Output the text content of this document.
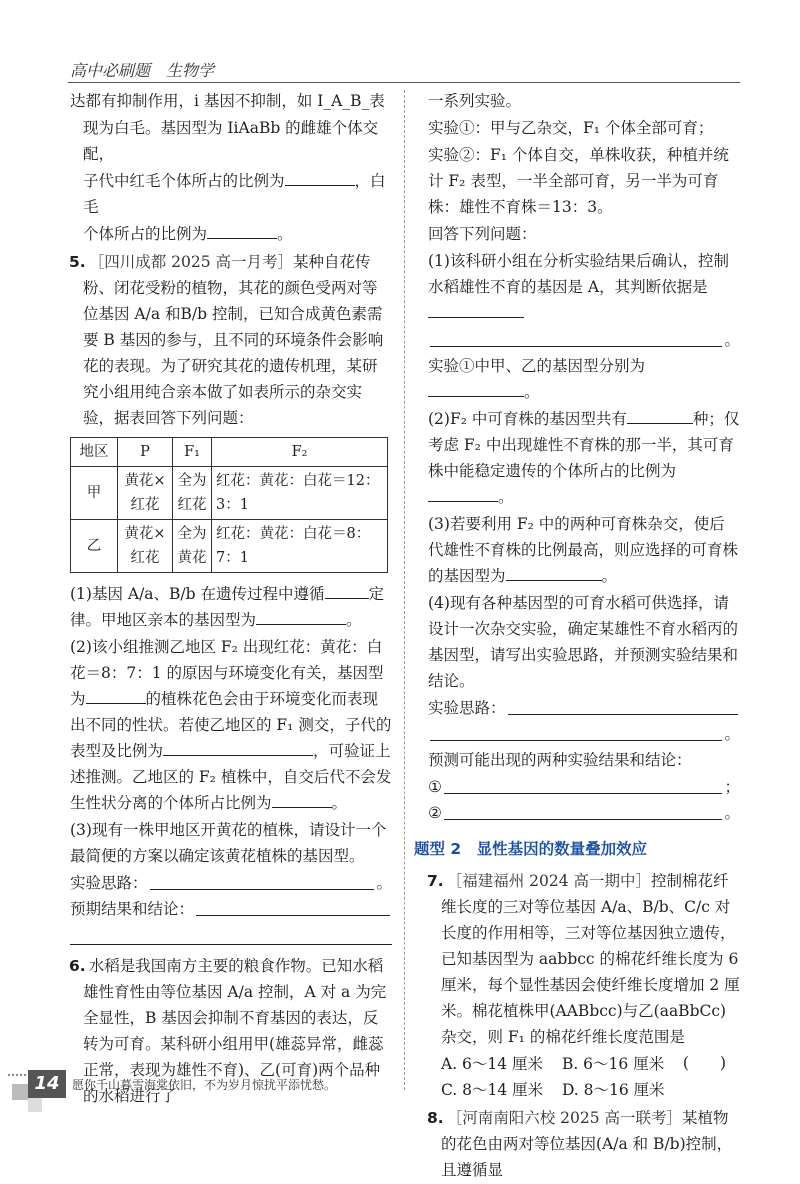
高中必刷题　生物学
达都有抑制作用，i 基因不抑制，如 I_A_B_表
现为白毛。基因型为 IiAaBb 的雌雄个体交配，
子代中红毛个体所占的比例为	，白毛
个体所占的比例为	。
5. ［四川成都 2025 高一月考］某种自花传粉、闭花受粉的植物，其花的颜色受两对等位基因 A/a 和B/b 控制，已知合成黄色素需要 B 基因的参与，且不同的环境条件会影响花的表现。为了研究其花的遗传机理，某研究小组用纯合亲本做了如表所示的杂交实验，据表回答下列问题：
地区	P	F₁	F₂
甲	黄花×红花	全为红花	红花：黄花：白花＝12：3：1
乙	黄花×红花	全为黄花	红花：黄花：白花＝8：7：1
(1)基因 A/a、B/b 在遗传过程中遵循	定律。甲地区亲本的基因型为	。
(2)该小组推测乙地区 F₂ 出现红花：黄花：白花＝8：7：1 的原因与环境变化有关，基因型为	的植株花色会由于环境变化而表现出不同的性状。若使乙地区的 F₁ 测交，子代的表型及比例为	，可验证上述推测。乙地区的 F₂ 植株中，自交后代不会发生性状分离的个体所占比例为	。
(3)现有一株甲地区开黄花的植株，请设计一个最简便的方案以确定该黄花植株的基因型。
实验思路：	。
预期结果和结论：
6. 水稻是我国南方主要的粮食作物。已知水稻雄性育性由等位基因 A/a 控制，A 对 a 为完全显性，B 基因会抑制不育基因的表达，反转为可育。某科研小组用甲(雄蕊异常，雌蕊正常，表现为雄性不育)、乙(可育)两个品种的水稻进行了
一系列实验。
实验①：甲与乙杂交，F₁ 个体全部可育；
实验②：F₁ 个体自交，单株收获，种植并统计 F₂ 表型，一半全部可育，另一半为可育株：雄性不育株＝13：3。
回答下列问题：
(1)该科研小组在分析实验结果后确认，控制水稻雄性不育的基因是 A，其判断依据是
。
实验①中甲、乙的基因型分别为。
(2)F₂ 中可育株的基因型共有	种；仅考虑 F₂ 中出现雄性不育株的那一半，其可育株中能稳定遗传的个体所占的比例为。
(3)若要利用 F₂ 中的两种可育株杂交，使后代雄性不育株的比例最高，则应选择的可育株的基因型为	。
(4)现有各种基因型的可育水稻可供选择，请设计一次杂交实验，确定某雄性不育水稻丙的基因型，请写出实验思路，并预测实验结果和结论。
实验思路：
。
预测可能出现的两种实验结果和结论：
①	；
②	。
题型 2　显性基因的数量叠加效应
7. ［福建福州 2024 高一期中］控制棉花纤维长度的三对等位基因 A/a、B/b、C/c 对长度的作用相等，三对等位基因独立遗传，已知基因型为 aabbcc 的棉花纤维长度为 6 厘米，每个显性基因会使纤维长度增加 2 厘米。棉花植株甲(AABbcc)与乙(aaBbCc)杂交，则 F₁ 的棉花纤维长度范围是
(　　)
A. 6～14 厘米	B. 6～16 厘米
C. 8～14 厘米	D. 8～16 厘米
8. ［河南南阳六校 2025 高一联考］某植物的花色由两对等位基因(A/a 和 B/b)控制，且遵循显
14	愿你千山暮雪海棠依旧，不为岁月惊扰平添忧愁。
